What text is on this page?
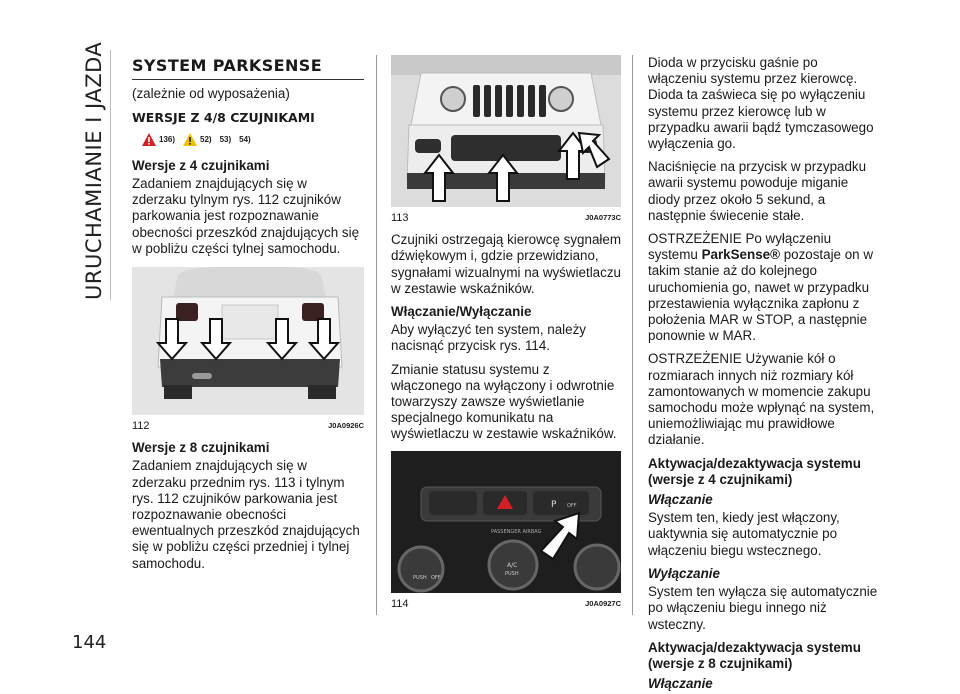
URUCHAMIANIE I JAZDA
144
SYSTEM PARKSENSE

(zależnie od wyposażenia)

WERSJE Z 4/8 CZUJNIKAMI
136)	52) 53) 54)
Wersje z 4 czujnikami

Zadaniem znajdujących się w zderzaku tylnym rys. 112 czujników parkowania jest rozpoznawanie obecności przeszkód znajdujących się w pobliżu części tylnej samochodu.

112	J0A0926C
Wersje z 8 czujnikami

Zadaniem znajdujących się w zderzaku przednim rys. 113 i tylnym rys. 112 czujników parkowania jest rozpoznawanie obecności ewentualnych przeszkód znajdujących się w pobliżu części przedniej i tylnej samochodu.

113	J0A0773C

Czujniki ostrzegają kierowcę sygnałem dźwiękowym i, gdzie przewidziano, sygnałami wizualnymi na wyświetlaczu w zestawie wskaźników.

Włączanie/Wyłączanie

Aby wyłączyć ten system, należy nacisnąć przycisk rys. 114.

Zmianie statusu systemu z włączonego na wyłączony i odwrotnie towarzyszy zawsze wyświetlanie specjalnego komunikatu na wyświetlaczu w zestawie wskaźników.

P OFF
PASSENGER AIRBAG
A/C
PUSH
PUSH OFF
114	J0A0927C

Dioda w przycisku gaśnie po włączeniu systemu przez kierowcę. Dioda ta zaświeca się po wyłączeniu systemu przez kierowcę lub w przypadku awarii bądź tymczasowego wyłączenia go.

Naciśnięcie na przycisk w przypadku awarii systemu powoduje miganie diody przez około 5 sekund, a następnie świecenie stałe.

OSTRZEŻENIE Po wyłączeniu systemu ParkSense® pozostaje on w takim stanie aż do kolejnego uruchomienia go, nawet w przypadku przestawienia wyłącznika zapłonu z położenia MAR w STOP, a następnie ponownie w MAR.

OSTRZEŻENIE Używanie kół o rozmiarach innych niż rozmiary kół zamontowanych w momencie zakupu samochodu może wpłynąć na system, uniemożliwiając mu prawidłowe działanie.

Aktywacja/dezaktywacja systemu (wersje z 4 czujnikami)
Włączanie

System ten, kiedy jest włączony, uaktywnia się automatycznie po włączeniu biegu wstecznego.

Wyłączanie

System ten wyłącza się automatycznie po włączeniu biegu innego niż wsteczny.

Aktywacja/dezaktywacja systemu (wersje z 8 czujnikami)
Włączanie
